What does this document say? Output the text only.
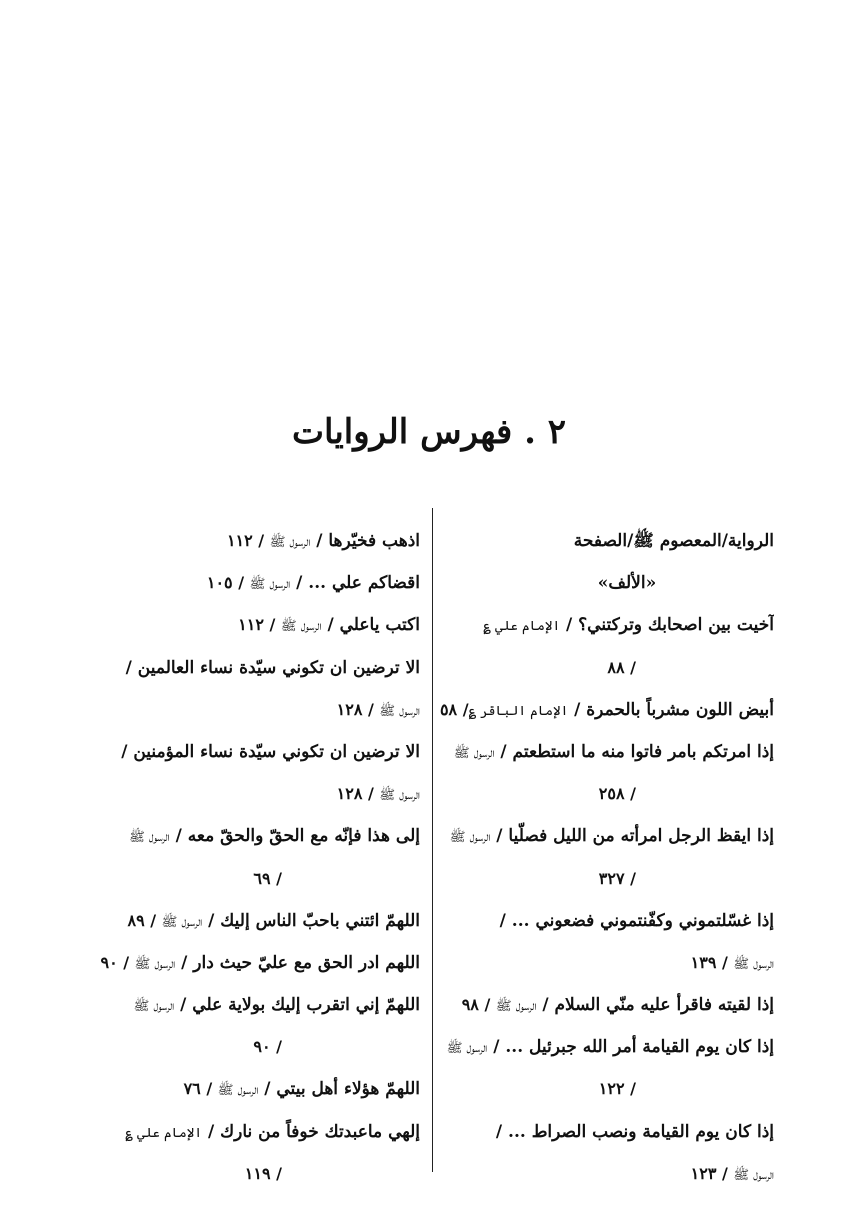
٢ . فهرس الروايات
الرواية/المعصوم ﷺ/الصفحة
«الألف»
آخيت بين اصحابك وتركتني؟ / الإمام علي ؏
/ ٨٨
أبيض اللون مشرباً بالحمرة / الإمام الباقر ؏/ ٥٨
إذا امرتكم بامر فاتوا منه ما استطعتم / الرسول ﷺ
/ ٢٥٨
إذا ايقظ الرجل امرأته من الليل فصلّيا / الرسول ﷺ
/ ٣٢٧
إذا غسّلتموني وكفّنتموني فضعوني ... /
الرسول ﷺ / ١٣٩
إذا لقيته فاقرأ عليه منّي السلام / الرسول ﷺ / ٩٨
إذا كان يوم القيامة أمر الله جبرئيل ... / الرسول ﷺ
/ ١٢٢
إذا كان يوم القيامة ونصب الصراط ... /
الرسول ﷺ / ١٢٣
اذهب فخيّرها / الرسول ﷺ / ١١٢
اقضاكم علي ... / الرسول ﷺ / ١٠٥
اكتب ياعلي / الرسول ﷺ / ١١٢
الا ترضين ان تكوني سيّدة نساء العالمين /
الرسول ﷺ / ١٢٨
الا ترضين ان تكوني سيّدة نساء المؤمنين /
الرسول ﷺ / ١٢٨
إلى هذا فإنّه مع الحقّ والحقّ معه / الرسول ﷺ
/ ٦٩
اللهمّ ائتني باحبّ الناس إليك / الرسول ﷺ / ٨٩
اللهم ادر الحق مع عليّ حيث دار / الرسول ﷺ / ٩٠
اللهمّ إني اتقرب إليك بولاية علي / الرسول ﷺ
/ ٩٠
اللهمّ هؤلاء أهل بيتي / الرسول ﷺ / ٧٦
إلهي ماعبدتك خوفاً من نارك / الإمام علي ؏
/ ١١٩
